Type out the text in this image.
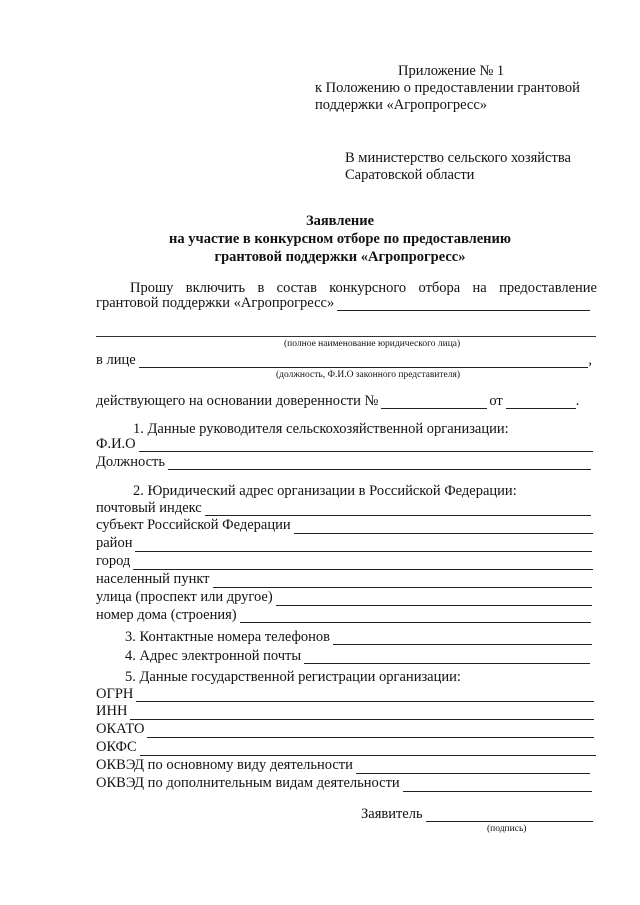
Приложение № 1
к Положению о предоставлении грантовой
поддержки «Агропрогресс»
В министерство сельского хозяйства
Саратовской области
Заявление
на участие в конкурсном отборе по предоставлению
грантовой поддержки «Агропрогресс»
Прошу включить в состав конкурсного отбора на предоставление
грантовой поддержки «Агропрогресс»
(полное наименование юридического лица)
в лице	,
(должность, Ф.И.О законного представителя)
действующего на основании доверенности №	от	.
1. Данные руководителя сельскохозяйственной организации:
Ф.И.О
Должность
2. Юридический адрес организации в Российской Федерации:
почтовый индекс
субъект Российской Федерации
район
город
населенный пункт
улица (проспект или другое)
номер дома (строения)
3. Контактные номера телефонов
4. Адрес электронной почты
5. Данные государственной регистрации организации:
ОГРН
ИНН
ОКАТО
ОКФС
ОКВЭД по основному виду деятельности
ОКВЭД по дополнительным видам деятельности
Заявитель
(подпись)
